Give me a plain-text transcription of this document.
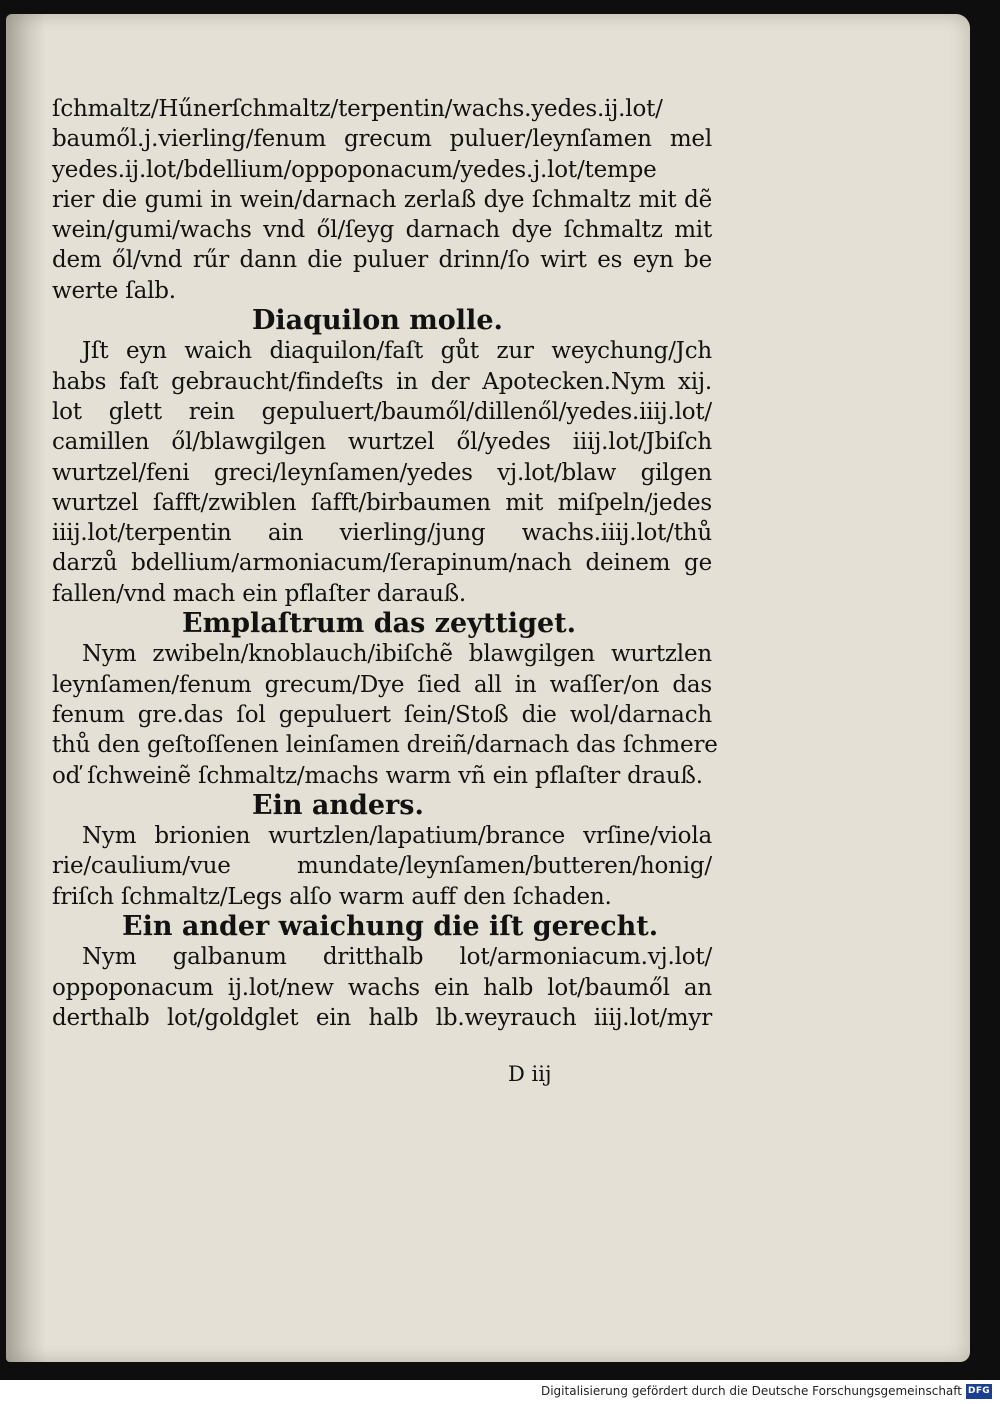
ſchmaltz/Hűnerſchmaltz/terpentin/wachs.yedes.ij.lot/
baumől.j.vierling/fenum grecum puluer/leynſamen mel
yedes.ij.lot/bdellium/oppoponacum/yedes.j.lot/tempe
rier die gumi in wein/darnach zerlaß dye ſchmaltz mit dẽ
wein/gumi/wachs vnd ől/ſeyg darnach dye ſchmaltz mit
dem ől/vnd rűr dann die puluer drinn/ſo wirt es eyn be
werte ſalb.
Diaquilon molle.
Jſt eyn waich diaquilon/faſt gůt zur weychung/Jch
habs faſt gebraucht/findeſts in der Apotecken.Nym xij.
lot glett rein gepuluert/baumől/dillenől/yedes.iiij.lot/
camillen ől/blawgilgen wurtzel ől/yedes iiij.lot/Jbiſch
wurtzel/feni greci/leynſamen/yedes vj.lot/blaw gilgen
wurtzel ſafft/zwiblen ſafft/birbaumen mit miſpeln/jedes
iiij.lot/terpentin ain vierling/jung wachs.iiij.lot/thů
darzů bdellium/armoniacum/ſerapinum/nach deinem ge
fallen/vnd mach ein pflaſter darauß.
Emplaſtrum das zeyttiget.
Nym zwibeln/knoblauch/ibiſchẽ blawgilgen wurtzlen
leynſamen/fenum grecum/Dye ſied all in waſſer/on das
fenum gre.das ſol gepuluert ſein/Stoß die wol/darnach
thů den geſtoſſenen leinſamen dreiñ/darnach das ſchmere
oď ſchweinẽ ſchmaltz/machs warm vñ ein pflaſter drauß.
Ein anders.
Nym brionien wurtzlen/lapatium/brance vrſine/viola
rie/caulium/vue mundate/leynſamen/butteren/honig/
friſch ſchmaltz/Legs alſo warm auff den ſchaden.
Ein ander waichung die iſt gerecht.
Nym galbanum dritthalb lot/armoniacum.vj.lot/
oppoponacum ij.lot/new wachs ein halb lot/baumől an
derthalb lot/goldglet ein halb lb.weyrauch iiij.lot/myr
D iij
Digitalisierung gefördert durch die Deutsche Forschungsgemeinschaft DFG
